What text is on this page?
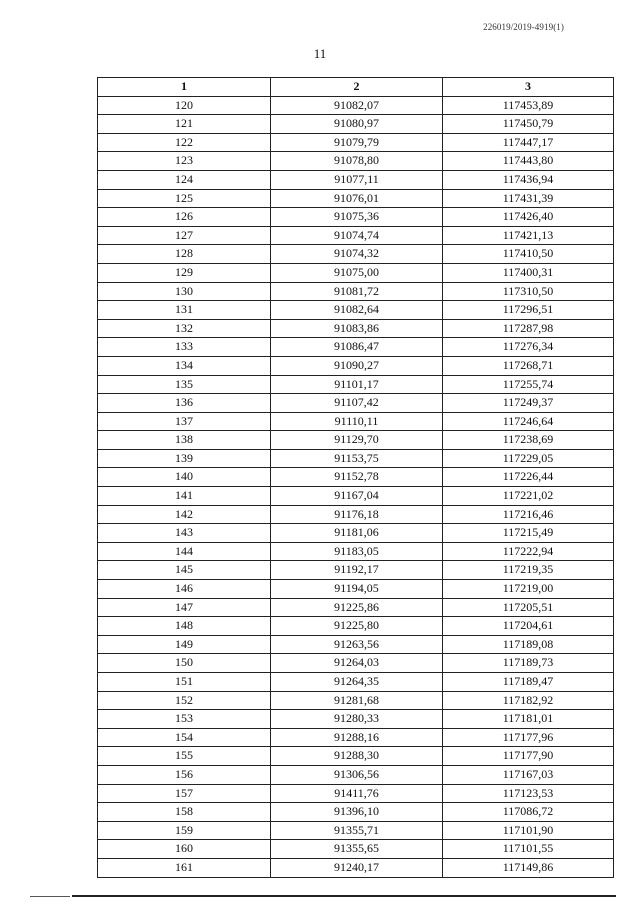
226019/2019-4919(1)
11
1	2	3
120	91082,07	117453,89
121	91080,97	117450,79
122	91079,79	117447,17
123	91078,80	117443,80
124	91077,11	117436,94
125	91076,01	117431,39
126	91075,36	117426,40
127	91074,74	117421,13
128	91074,32	117410,50
129	91075,00	117400,31
130	91081,72	117310,50
131	91082,64	117296,51
132	91083,86	117287,98
133	91086,47	117276,34
134	91090,27	117268,71
135	91101,17	117255,74
136	91107,42	117249,37
137	91110,11	117246,64
138	91129,70	117238,69
139	91153,75	117229,05
140	91152,78	117226,44
141	91167,04	117221,02
142	91176,18	117216,46
143	91181,06	117215,49
144	91183,05	117222,94
145	91192,17	117219,35
146	91194,05	117219,00
147	91225,86	117205,51
148	91225,80	117204,61
149	91263,56	117189,08
150	91264,03	117189,73
151	91264,35	117189,47
152	91281,68	117182,92
153	91280,33	117181,01
154	91288,16	117177,96
155	91288,30	117177,90
156	91306,56	117167,03
157	91411,76	117123,53
158	91396,10	117086,72
159	91355,71	117101,90
160	91355,65	117101,55
161	91240,17	117149,86
